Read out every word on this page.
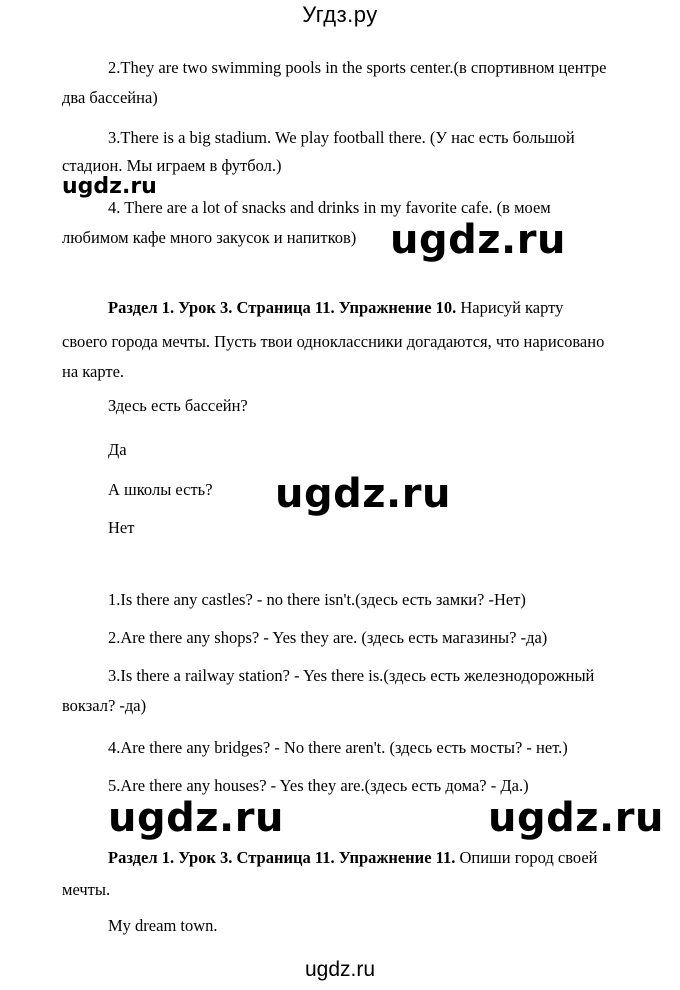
Угдз.ру
2.They are two swimming pools in the sports center.(в спортивном центре
два бассейна)
3.There is a big stadium. We play football there. (У нас есть большой
стадион. Мы играем в футбол.)
ugdz.ru
4. There are a lot of snacks and drinks in my favorite cafe. (в моем
любимом кафе много закусок и напитков) ugdz.ru
Раздел 1. Урок 3. Страница 11. Упражнение 10. Нарисуй карту
своего города мечты. Пусть твои одноклассники догадаются, что нарисовано
на карте.
Здесь есть бассейн?
Да
А школы есть? ugdz.ru
Нет
1.Is there any castles? - no there isn't.(здесь есть замки? -Нет)
2.Are there any shops? - Yes they are. (здесь есть магазины? -да)
3.Is there a railway station? - Yes there is.(здесь есть железнодорожный
вокзал? -да)
4.Are there any bridges? - No there aren't. (здесь есть мосты? - нет.)
5.Are there any houses? - Yes they are.(здесь есть дома? - Да.)
ugdz.ru	ugdz.ru
Раздел 1. Урок 3. Страница 11. Упражнение 11. Опиши город своей
мечты.
My dream town.
ugdz.ru
